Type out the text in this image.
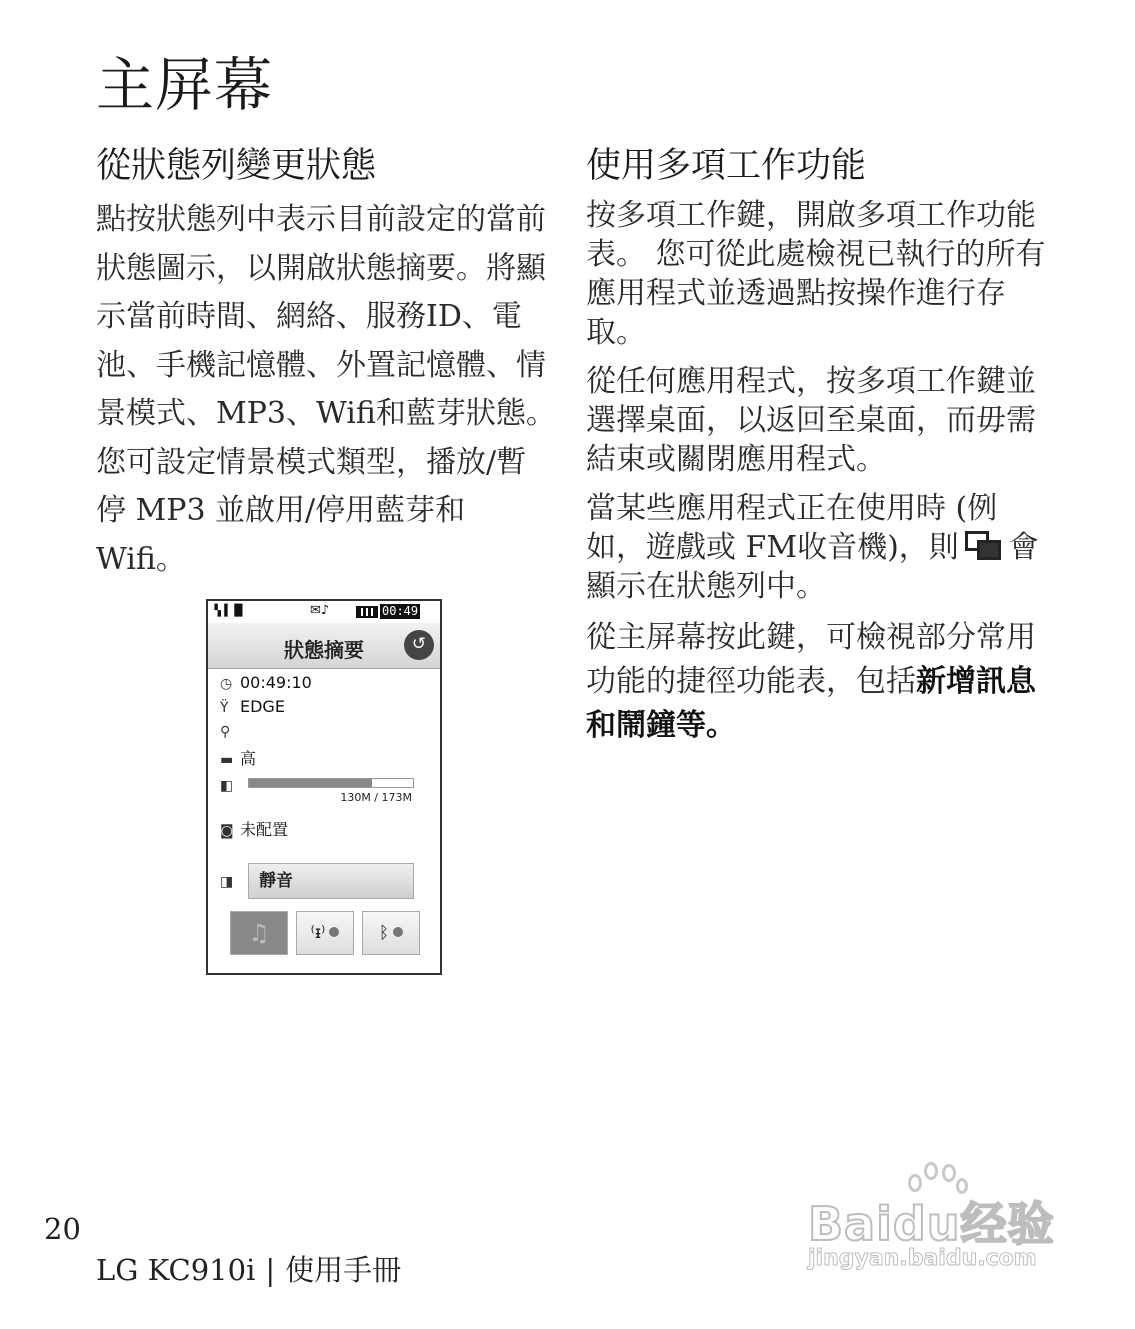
主屏幕
從狀態列變更狀態

點按狀態列中表示目前設定的當前狀態圖示，以開啟狀態摘要。將顯示當前時間、網絡、服務ID、電池、手機記憶體、外置記憶體、情景模式、MP3、Wifi和藍芽狀態。 您可設定情景模式類型，播放/暫停 MP3 並啟用/停用藍芽和 Wifi。

▝▖▌▐▊	✉♪	00:49
狀態摘要	↺
◷ 00:49:10
Ÿ EDGE
⚲
▬ 高
◧
130M / 173M
◙ 未配置
◨	靜音
♫	⁽ᵻ⁾	ᛒ
使用多項工作功能

按多項工作鍵，開啟多項工作功能表。 您可從此處檢視已執行的所有應用程式並透過點按操作進行存取。

從任何應用程式，按多項工作鍵並選擇桌面，以返回至桌面，而毋需結束或關閉應用程式。

當某些應用程式正在使用時 (例如，遊戲或 FM收音機)，則 會顯示在狀態列中。

從主屏幕按此鍵，可檢視部分常用功能的捷徑功能表，包括新增訊息和鬧鐘等。

20
LG KC910i | 使用手冊
Baidu经验
jingyan.baidu.com
